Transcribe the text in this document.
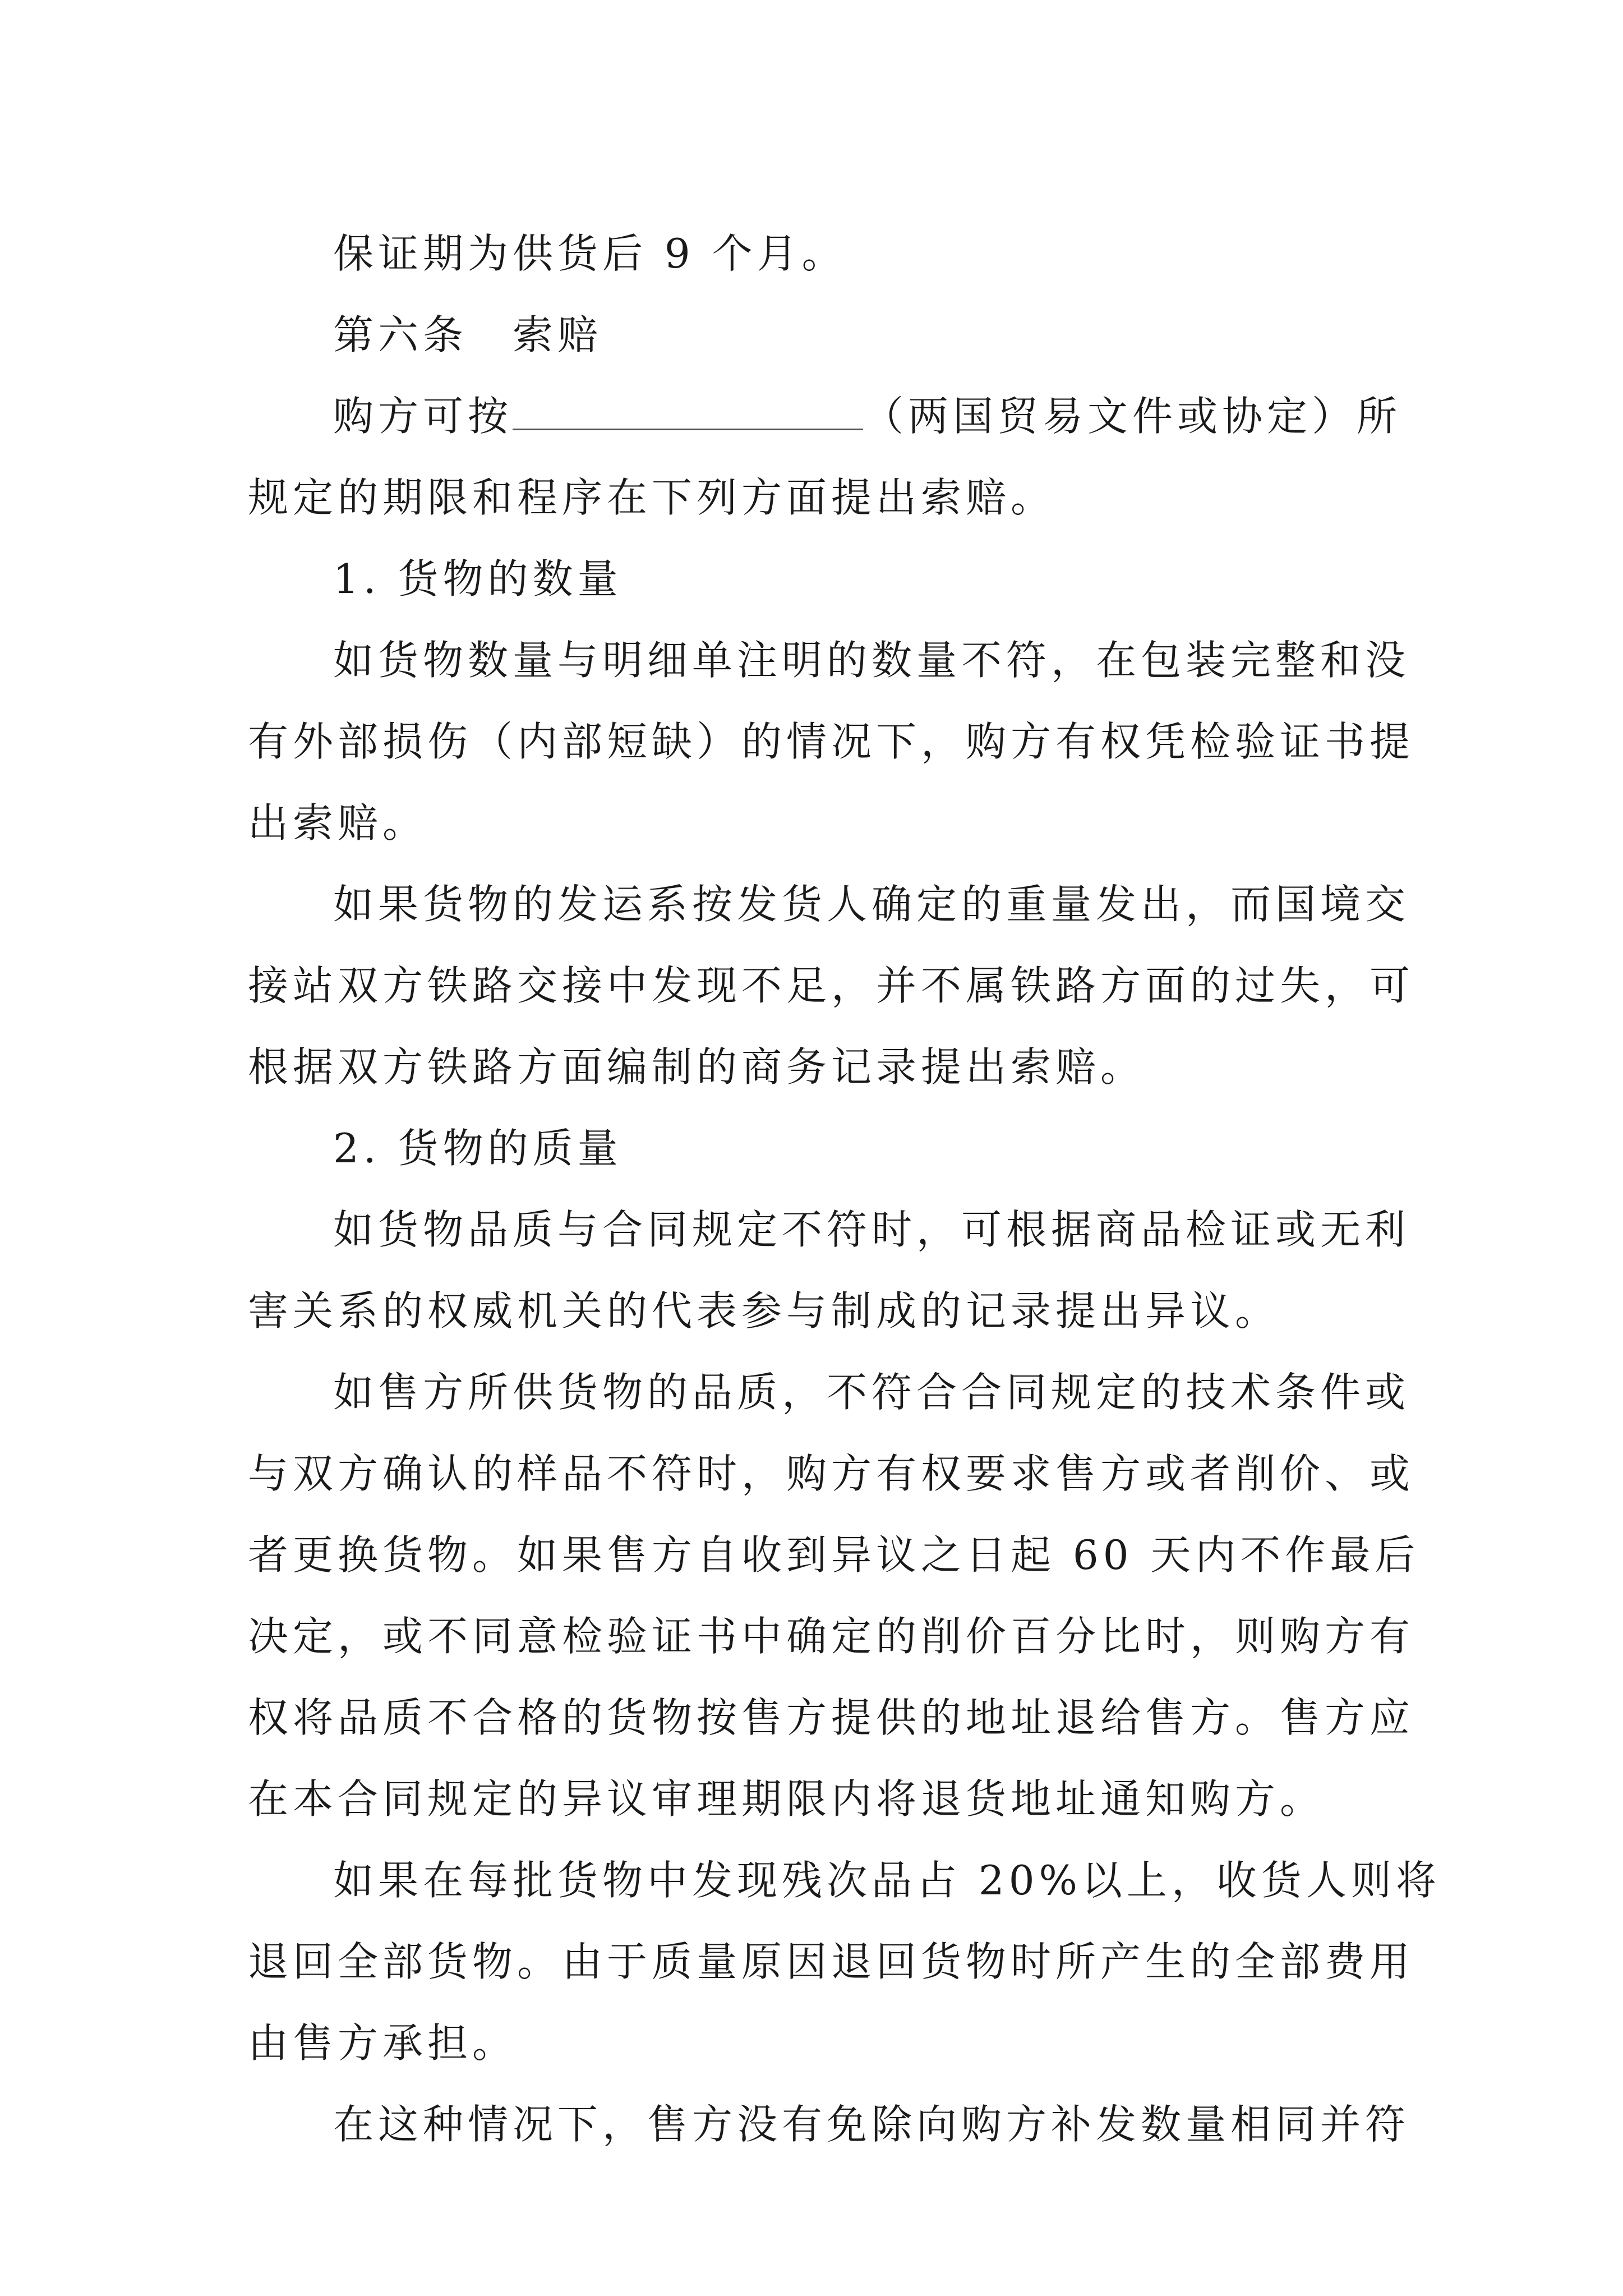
保证期为供货后 9 个月。
第六条　索赔
购方可按	（两国贸易文件或协定）所
规定的期限和程序在下列方面提出索赔。
1. 货物的数量
如货物数量与明细单注明的数量不符，在包装完整和没
有外部损伤（内部短缺）的情况下，购方有权凭检验证书提
出索赔。
如果货物的发运系按发货人确定的重量发出，而国境交
接站双方铁路交接中发现不足，并不属铁路方面的过失，可
根据双方铁路方面编制的商务记录提出索赔。
2. 货物的质量
如货物品质与合同规定不符时，可根据商品检证或无利
害关系的权威机关的代表参与制成的记录提出异议。
如售方所供货物的品质，不符合合同规定的技术条件或
与双方确认的样品不符时，购方有权要求售方或者削价、或
者更换货物。如果售方自收到异议之日起 60 天内不作最后
决定，或不同意检验证书中确定的削价百分比时，则购方有
权将品质不合格的货物按售方提供的地址退给售方。售方应
在本合同规定的异议审理期限内将退货地址通知购方。
如果在每批货物中发现残次品占 20%以上，收货人则将
退回全部货物。由于质量原因退回货物时所产生的全部费用
由售方承担。
在这种情况下，售方没有免除向购方补发数量相同并符
